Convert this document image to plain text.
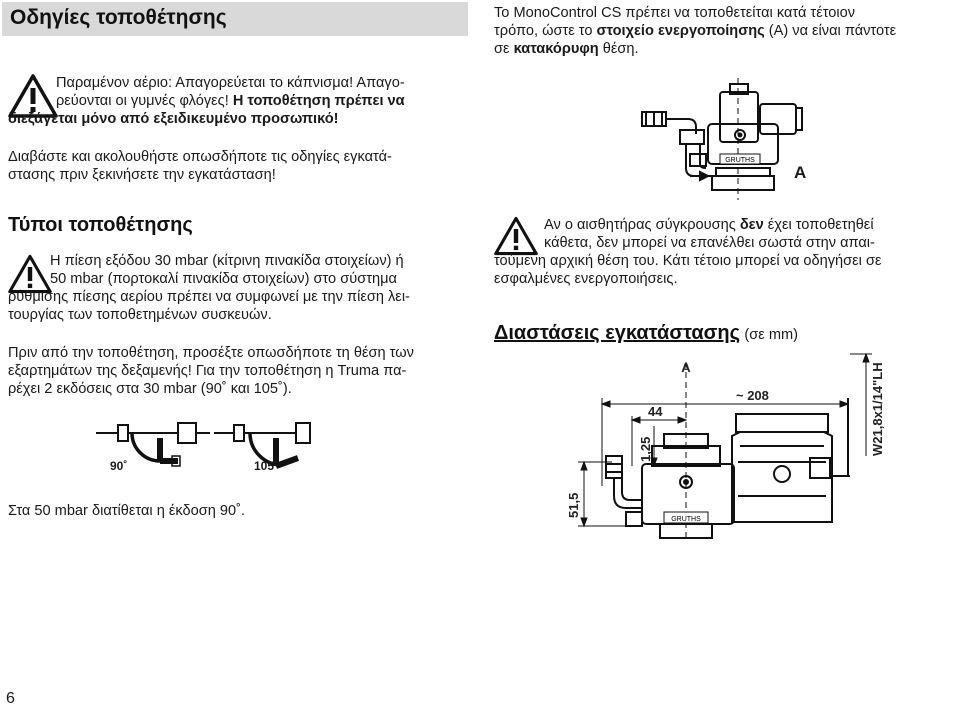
Οδηγίες τοποθέτησης	Το MonoControl CS πρέπει να τοποθετείται κατά τέτοιον

τρόπο, ώστε το στοιχείο ενεργοποίησης (A) να είναι πάντοτε

σε κατακόρυφη θέση.

Παραμένον αέριο: Απαγορεύεται το κάπνισμα! Απαγο-

ρεύονται οι γυμνές φλόγες! Η τοποθέτηση πρέπει να

διεξάγεται μόνο από εξειδικευμένο προσωπικό!

Διαβάστε και ακολουθήστε οπωσδήποτε τις οδηγίες εγκατά-

στασης πριν ξεκινήσετε την εγκατάσταση!

Τύποι τοποθέτησης

Η πίεση εξόδου 30 mbar (κίτρινη πινακίδα στοιχείων) ή

50 mbar (πορτοκαλί πινακίδα στοιχείων) στο σύστημα

ρύθμισης πίεσης αερίου πρέπει να συμφωνεί με την πίεση λει-

τουργίας των τοποθετημένων συσκευών.

Πριν από την τοποθέτηση, προσέξτε οπωσδήποτε τη θέση των

εξαρτημάτων της δεξαμενής! Για την τοποθέτηση η Truma πα-

ρέχει 2 εκδόσεις στα 30 mbar (90˚ και 105˚).

90˚	105˚
Στα 50 mbar διατίθεται η έκδοση 90˚.
6
GRUTHS
A

Αν ο αισθητήρας σύγκρουσης δεν έχει τοποθετηθεί

κάθετα, δεν μπορεί να επανέλθει σωστά στην απαι-

τούμενη αρχική θέση του. Κάτι τέτοιο μπορεί να οδηγήσει σε

εσφαλμένες ενεργοποιήσεις.

Διαστάσεις εγκατάστασης (σε mm)
GRUTHS
A
~ 208
44
1,25
51,5
W21,8x1/14"LH
